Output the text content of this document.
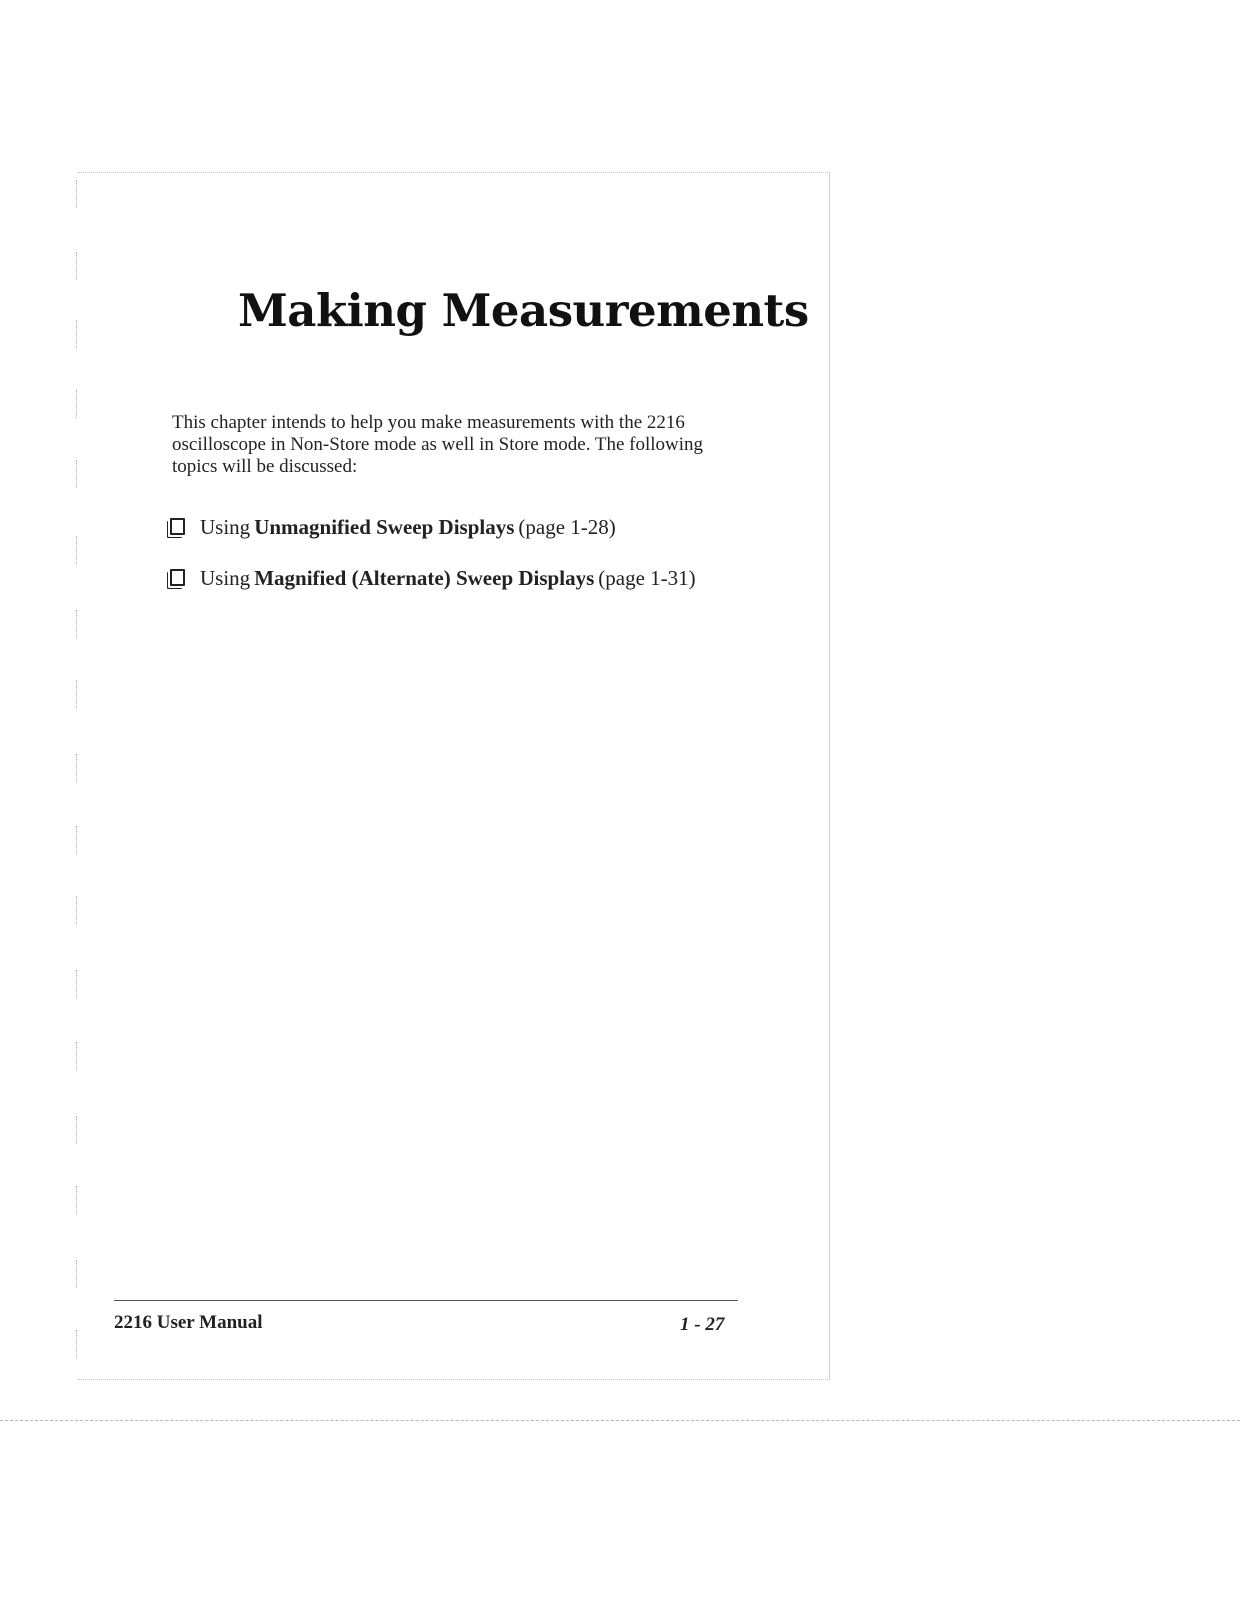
Making Measurements

This chapter intends to help you make measurements with the 2216 oscilloscope in Non-Store mode as well in Store mode. The following topics will be discussed:

Using Unmagnified Sweep Displays (page 1-28)
Using Magnified (Alternate) Sweep Displays (page 1-31)
2216 User Manual	1 - 27
